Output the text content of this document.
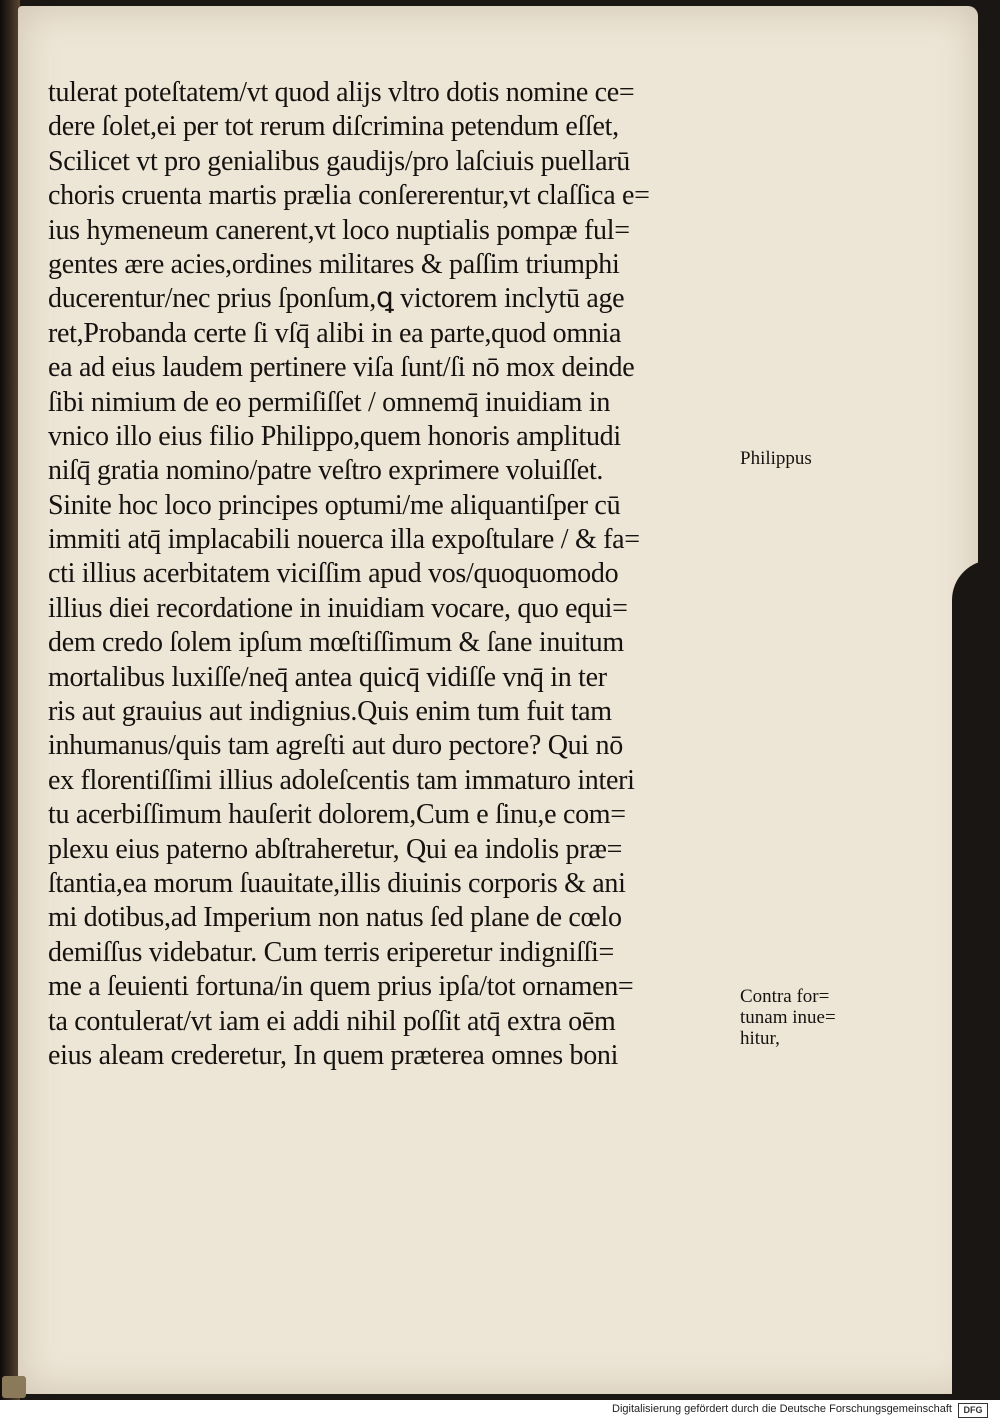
tulerat poteſtatem/vt quod alijs vltro dotis nomine ce=
dere ſolet,ei per tot rerum diſcrimina petendum eſſet,
Scilicet vt pro genialibus gaudijs/pro laſciuis puellarū
choris cruenta martis prælia conſererentur,vt claſſica e=
ius hymeneum canerent,vt loco nuptialis pompæ ful=
gentes ære acies,ordines militares & paſſim triumphi
ducerentur/nec prius ſponſum,ꝗ victorem inclytū age
ret,Probanda certe ſi vſq̄ alibi in ea parte,quod omnia
ea ad eius laudem pertinere viſa ſunt/ſi nō mox deinde
ſibi nimium de eo permiſiſſet / omnemq̄ inuidiam in
vnico illo eius filio Philippo,quem honoris amplitudi
niſq̄ gratia nomino/patre veſtro exprimere voluiſſet.
Sinite hoc loco principes optumi/me aliquantiſper cū
immiti atq̄ implacabili nouerca illa expoſtulare / & fa=
cti illius acerbitatem viciſſim apud vos/quoquomodo
illius diei recordatione in inuidiam vocare, quo equi=
dem credo ſolem ipſum mœſtiſſimum & ſane inuitum
mortalibus luxiſſe/neq̄ antea quicq̄ vidiſſe vnq̄ in ter
ris aut grauius aut indignius.Quis enim tum fuit tam
inhumanus/quis tam agreſti aut duro pectore? Qui nō
ex florentiſſimi illius adoleſcentis tam immaturo interi
tu acerbiſſimum hauſerit dolorem,Cum e ſinu,e com=
plexu eius paterno abſtraheretur, Qui ea indolis præ=
ſtantia,ea morum ſuauitate,illis diuinis corporis & ani
mi dotibus,ad Imperium non natus ſed plane de cœlo
demiſſus videbatur. Cum terris eriperetur indigniſſi=
me a ſeuienti fortuna/in quem prius ipſa/tot ornamen=
ta contulerat/vt iam ei addi nihil poſſit atq̄ extra oēm
eius aleam crederetur, In quem præterea omnes boni
Philippus
Contra for=
tunam inue=
hitur,
Digitalisierung gefördert durch die Deutsche Forschungsgemeinschaft	DFG
